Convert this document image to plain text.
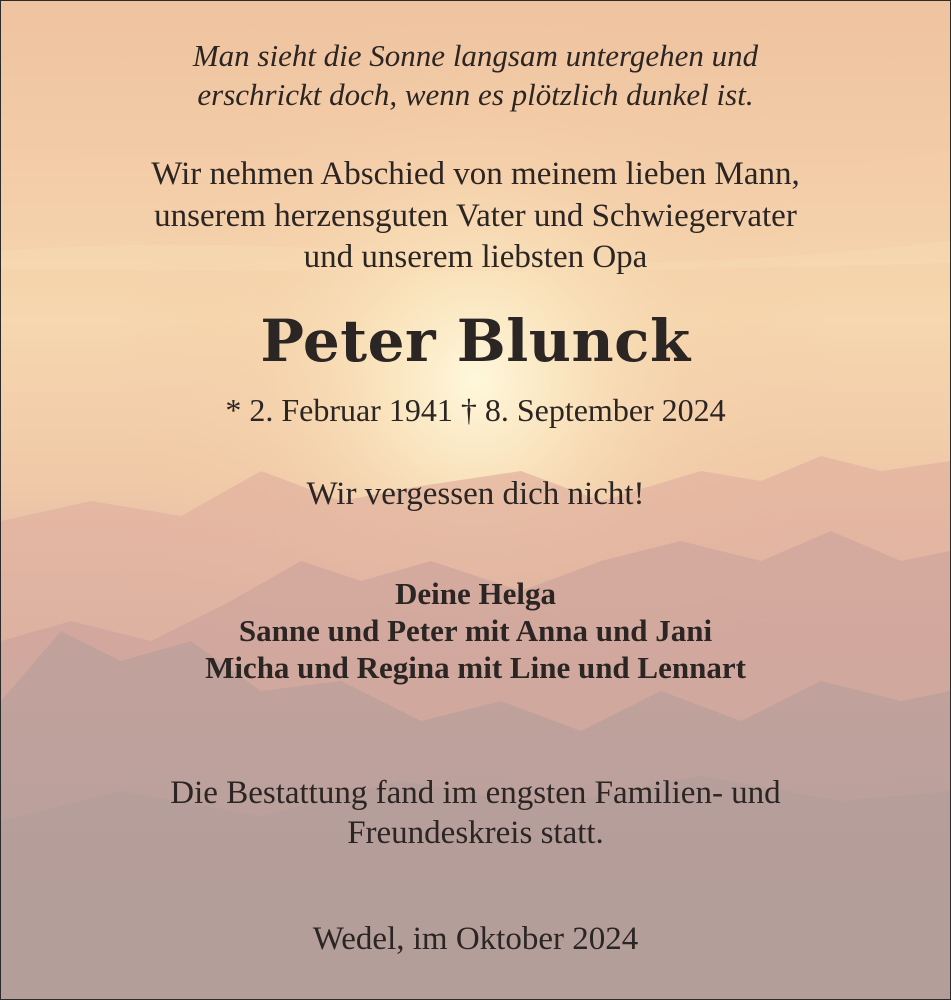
Man sieht die Sonne langsam untergehen und
erschrickt doch, wenn es plötzlich dunkel ist.
Wir nehmen Abschied von meinem lieben Mann,
unserem herzensguten Vater und Schwiegervater
und unserem liebsten Opa
Peter Blunck
* 2. Februar 1941 † 8. September 2024
Wir vergessen dich nicht!
Deine Helga
Sanne und Peter mit Anna und Jani
Micha und Regina mit Line und Lennart
Die Bestattung fand im engsten Familien- und
Freundeskreis statt.
Wedel, im Oktober 2024
